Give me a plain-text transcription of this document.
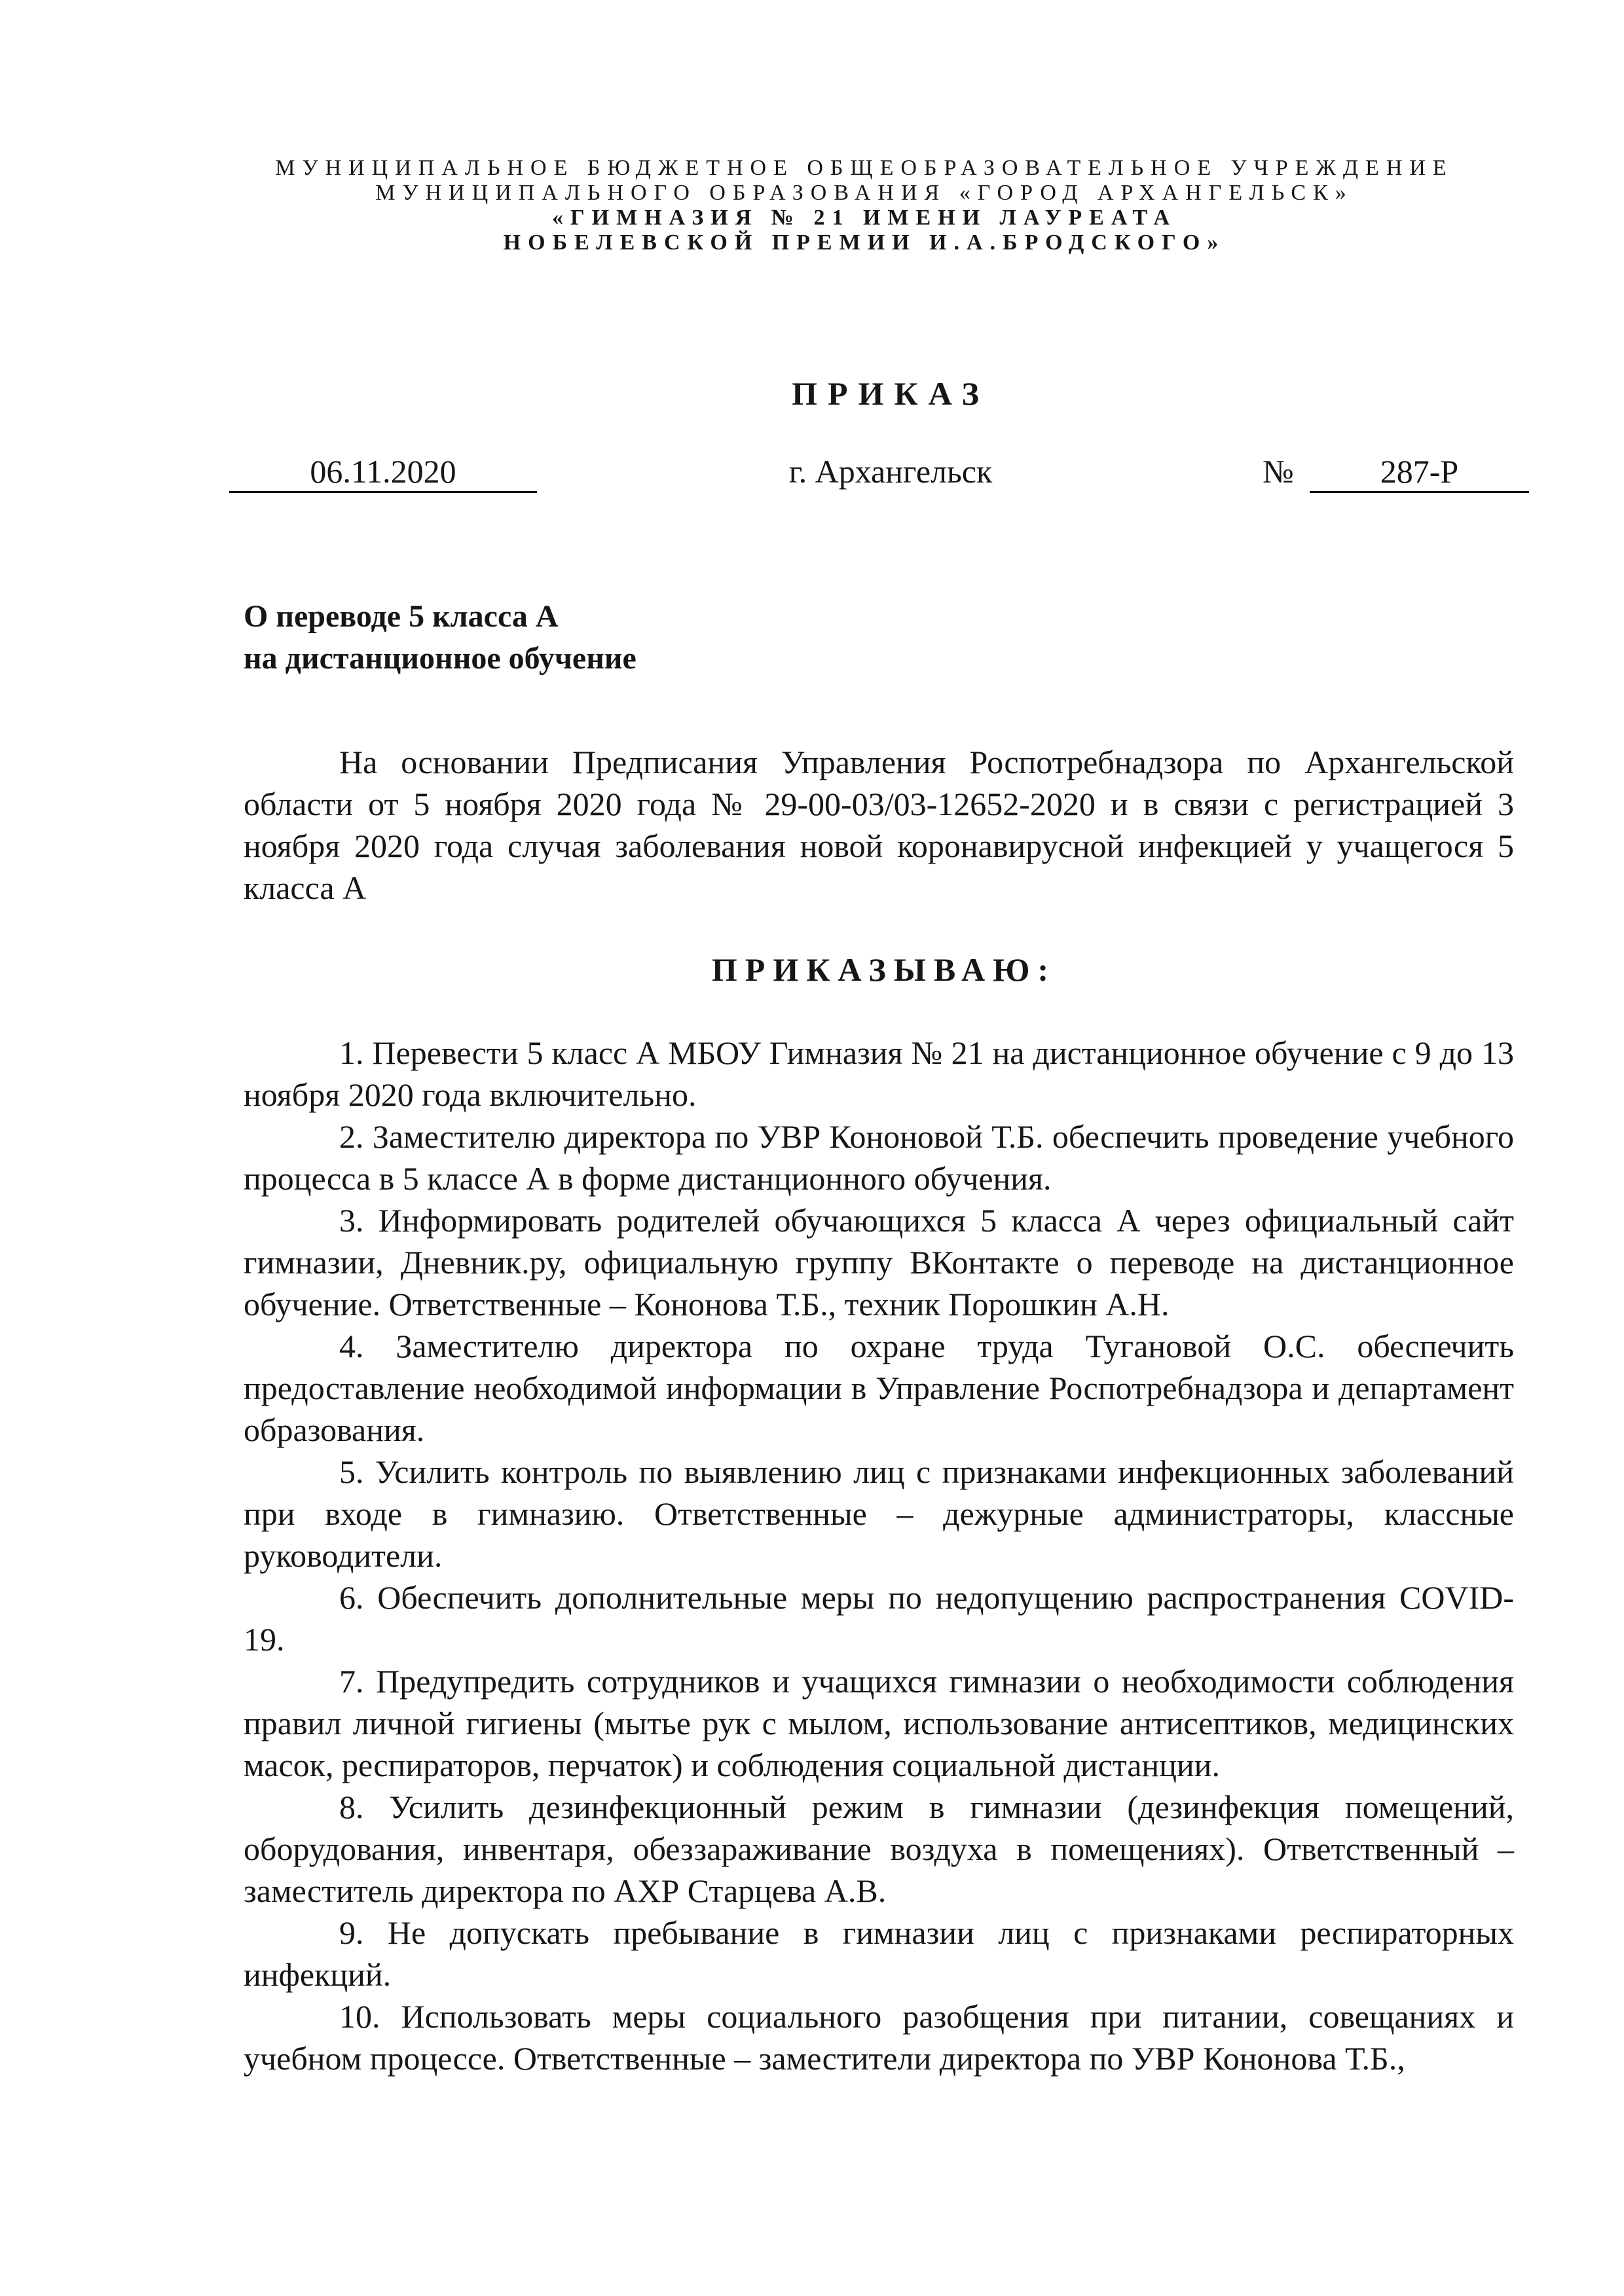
МУНИЦИПАЛЬНОЕ БЮДЖЕТНОЕ ОБЩЕОБРАЗОВАТЕЛЬНОЕ УЧРЕЖДЕНИЕ
МУНИЦИПАЛЬНОГО ОБРАЗОВАНИЯ «ГОРОД АРХАНГЕЛЬСК»
«ГИМНАЗИЯ № 21 ИМЕНИ ЛАУРЕАТА
НОБЕЛЕВСКОЙ ПРЕМИИ И.А.БРОДСКОГО»
ПРИКАЗ
06.11.2020	г. Архангельск	№	287-Р
О переводе 5 класса А
на дистанционное обучение
На основании Предписания Управления Роспотребнадзора по Архангельской области от 5 ноября 2020 года № 29-00-03/03-12652-2020 и в связи с регистрацией 3 ноября 2020 года случая заболевания новой коронавирусной инфекцией у учащегося 5 класса А
ПРИКАЗЫВАЮ:
1. Перевести 5 класс А МБОУ Гимназия № 21 на дистанционное обучение с 9 до 13 ноября 2020 года включительно.
2. Заместителю директора по УВР Кононовой Т.Б. обеспечить проведение учебного процесса в 5 классе А в форме дистанционного обучения.
3. Информировать родителей обучающихся 5 класса А через официальный сайт гимназии, Дневник.ру, официальную группу ВКонтакте о переводе на дистанционное обучение. Ответственные – Кононова Т.Б., техник Порошкин А.Н.
4. Заместителю директора по охране труда Тугановой О.С. обеспечить предоставление необходимой информации в Управление Роспотребнадзора и департамент образования.
5. Усилить контроль по выявлению лиц с признаками инфекционных заболеваний при входе в гимназию. Ответственные – дежурные администраторы, классные руководители.
6. Обеспечить дополнительные меры по недопущению распространения COVID-19.
7. Предупредить сотрудников и учащихся гимназии о необходимости соблюдения правил личной гигиены (мытье рук с мылом, использование антисептиков, медицинских масок, респираторов, перчаток) и соблюдения социальной дистанции.
8. Усилить дезинфекционный режим в гимназии (дезинфекция помещений, оборудования, инвентаря, обеззараживание воздуха в помещениях). Ответственный – заместитель директора по АХР Старцева А.В.
9. Не допускать пребывание в гимназии лиц с признаками респираторных инфекций.
10. Использовать меры социального разобщения при питании, совещаниях и учебном процессе. Ответственные – заместители директора по УВР Кононова Т.Б.,
